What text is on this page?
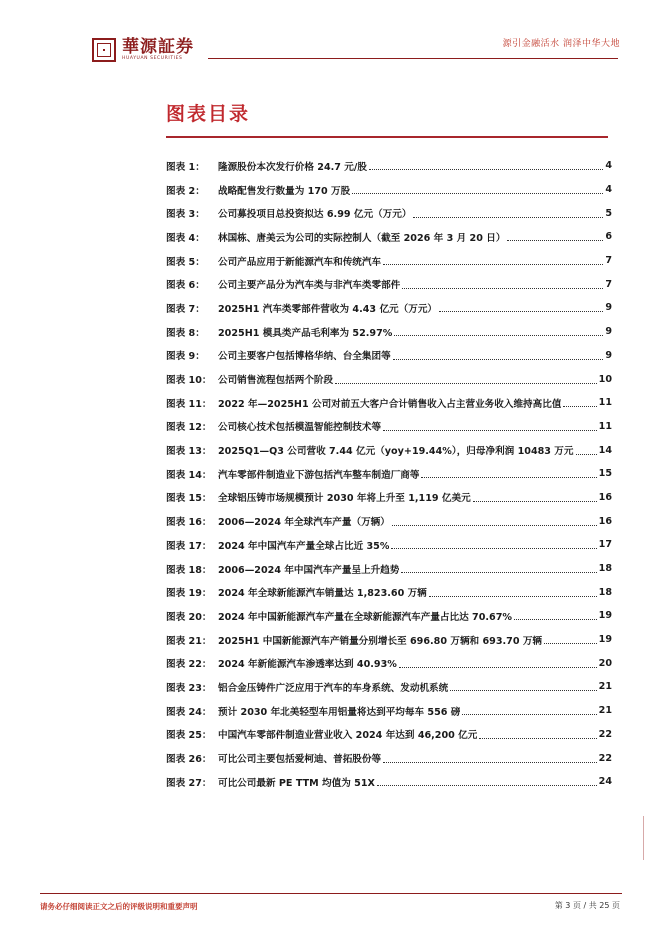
華源証券
HUAYUAN SECURITIES
源引金融活水 润泽中华大地
图表目录
图表 1：	隆源股份本次发行价格 24.7 元/股	4
图表 2：	战略配售发行数量为 170 万股	4
图表 3：	公司募投项目总投资拟达 6.99 亿元（万元）	5
图表 4：	林国栋、唐美云为公司的实际控制人（截至 2026 年 3 月 20 日）	6
图表 5：	公司产品应用于新能源汽车和传统汽车	7
图表 6：	公司主要产品分为汽车类与非汽车类零部件	7
图表 7：	2025H1 汽车类零部件营收为 4.43 亿元（万元）	9
图表 8：	2025H1 模具类产品毛利率为 52.97%	9
图表 9：	公司主要客户包括博格华纳、台全集团等	9
图表 10： 公司销售流程包括两个阶段	10
图表 11： 2022 年—2025H1 公司对前五大客户合计销售收入占主营业务收入维持高比值	11
图表 12： 公司核心技术包括模温智能控制技术等	11
图表 13： 2025Q1—Q3 公司营收 7.44 亿元（yoy+19.44%），归母净利润 10483 万元	14
图表 14： 汽车零部件制造业下游包括汽车整车制造厂商等	15
图表 15： 全球铝压铸市场规模预计 2030 年将上升至 1,119 亿美元	16
图表 16： 2006—2024 年全球汽车产量（万辆）	16
图表 17： 2024 年中国汽车产量全球占比近 35%	17
图表 18： 2006—2024 年中国汽车产量呈上升趋势	18
图表 19： 2024 年全球新能源汽车销量达 1,823.60 万辆	18
图表 20： 2024 年中国新能源汽车产量在全球新能源汽车产量占比达 70.67%	19
图表 21： 2025H1 中国新能源汽车产销量分别增长至 696.80 万辆和 693.70 万辆	19
图表 22： 2024 年新能源汽车渗透率达到 40.93%	20
图表 23： 铝合金压铸件广泛应用于汽车的车身系统、发动机系统	21
图表 24： 预计 2030 年北美轻型车用铝量将达到平均每车 556 磅	21
图表 25： 中国汽车零部件制造业营业收入 2024 年达到 46,200 亿元	22
图表 26： 可比公司主要包括爱柯迪、普拓股份等	22
图表 27： 可比公司最新 PE TTM 均值为 51X	24
请务必仔细阅读正文之后的评级说明和重要声明	第 3 页 / 共 25 页
